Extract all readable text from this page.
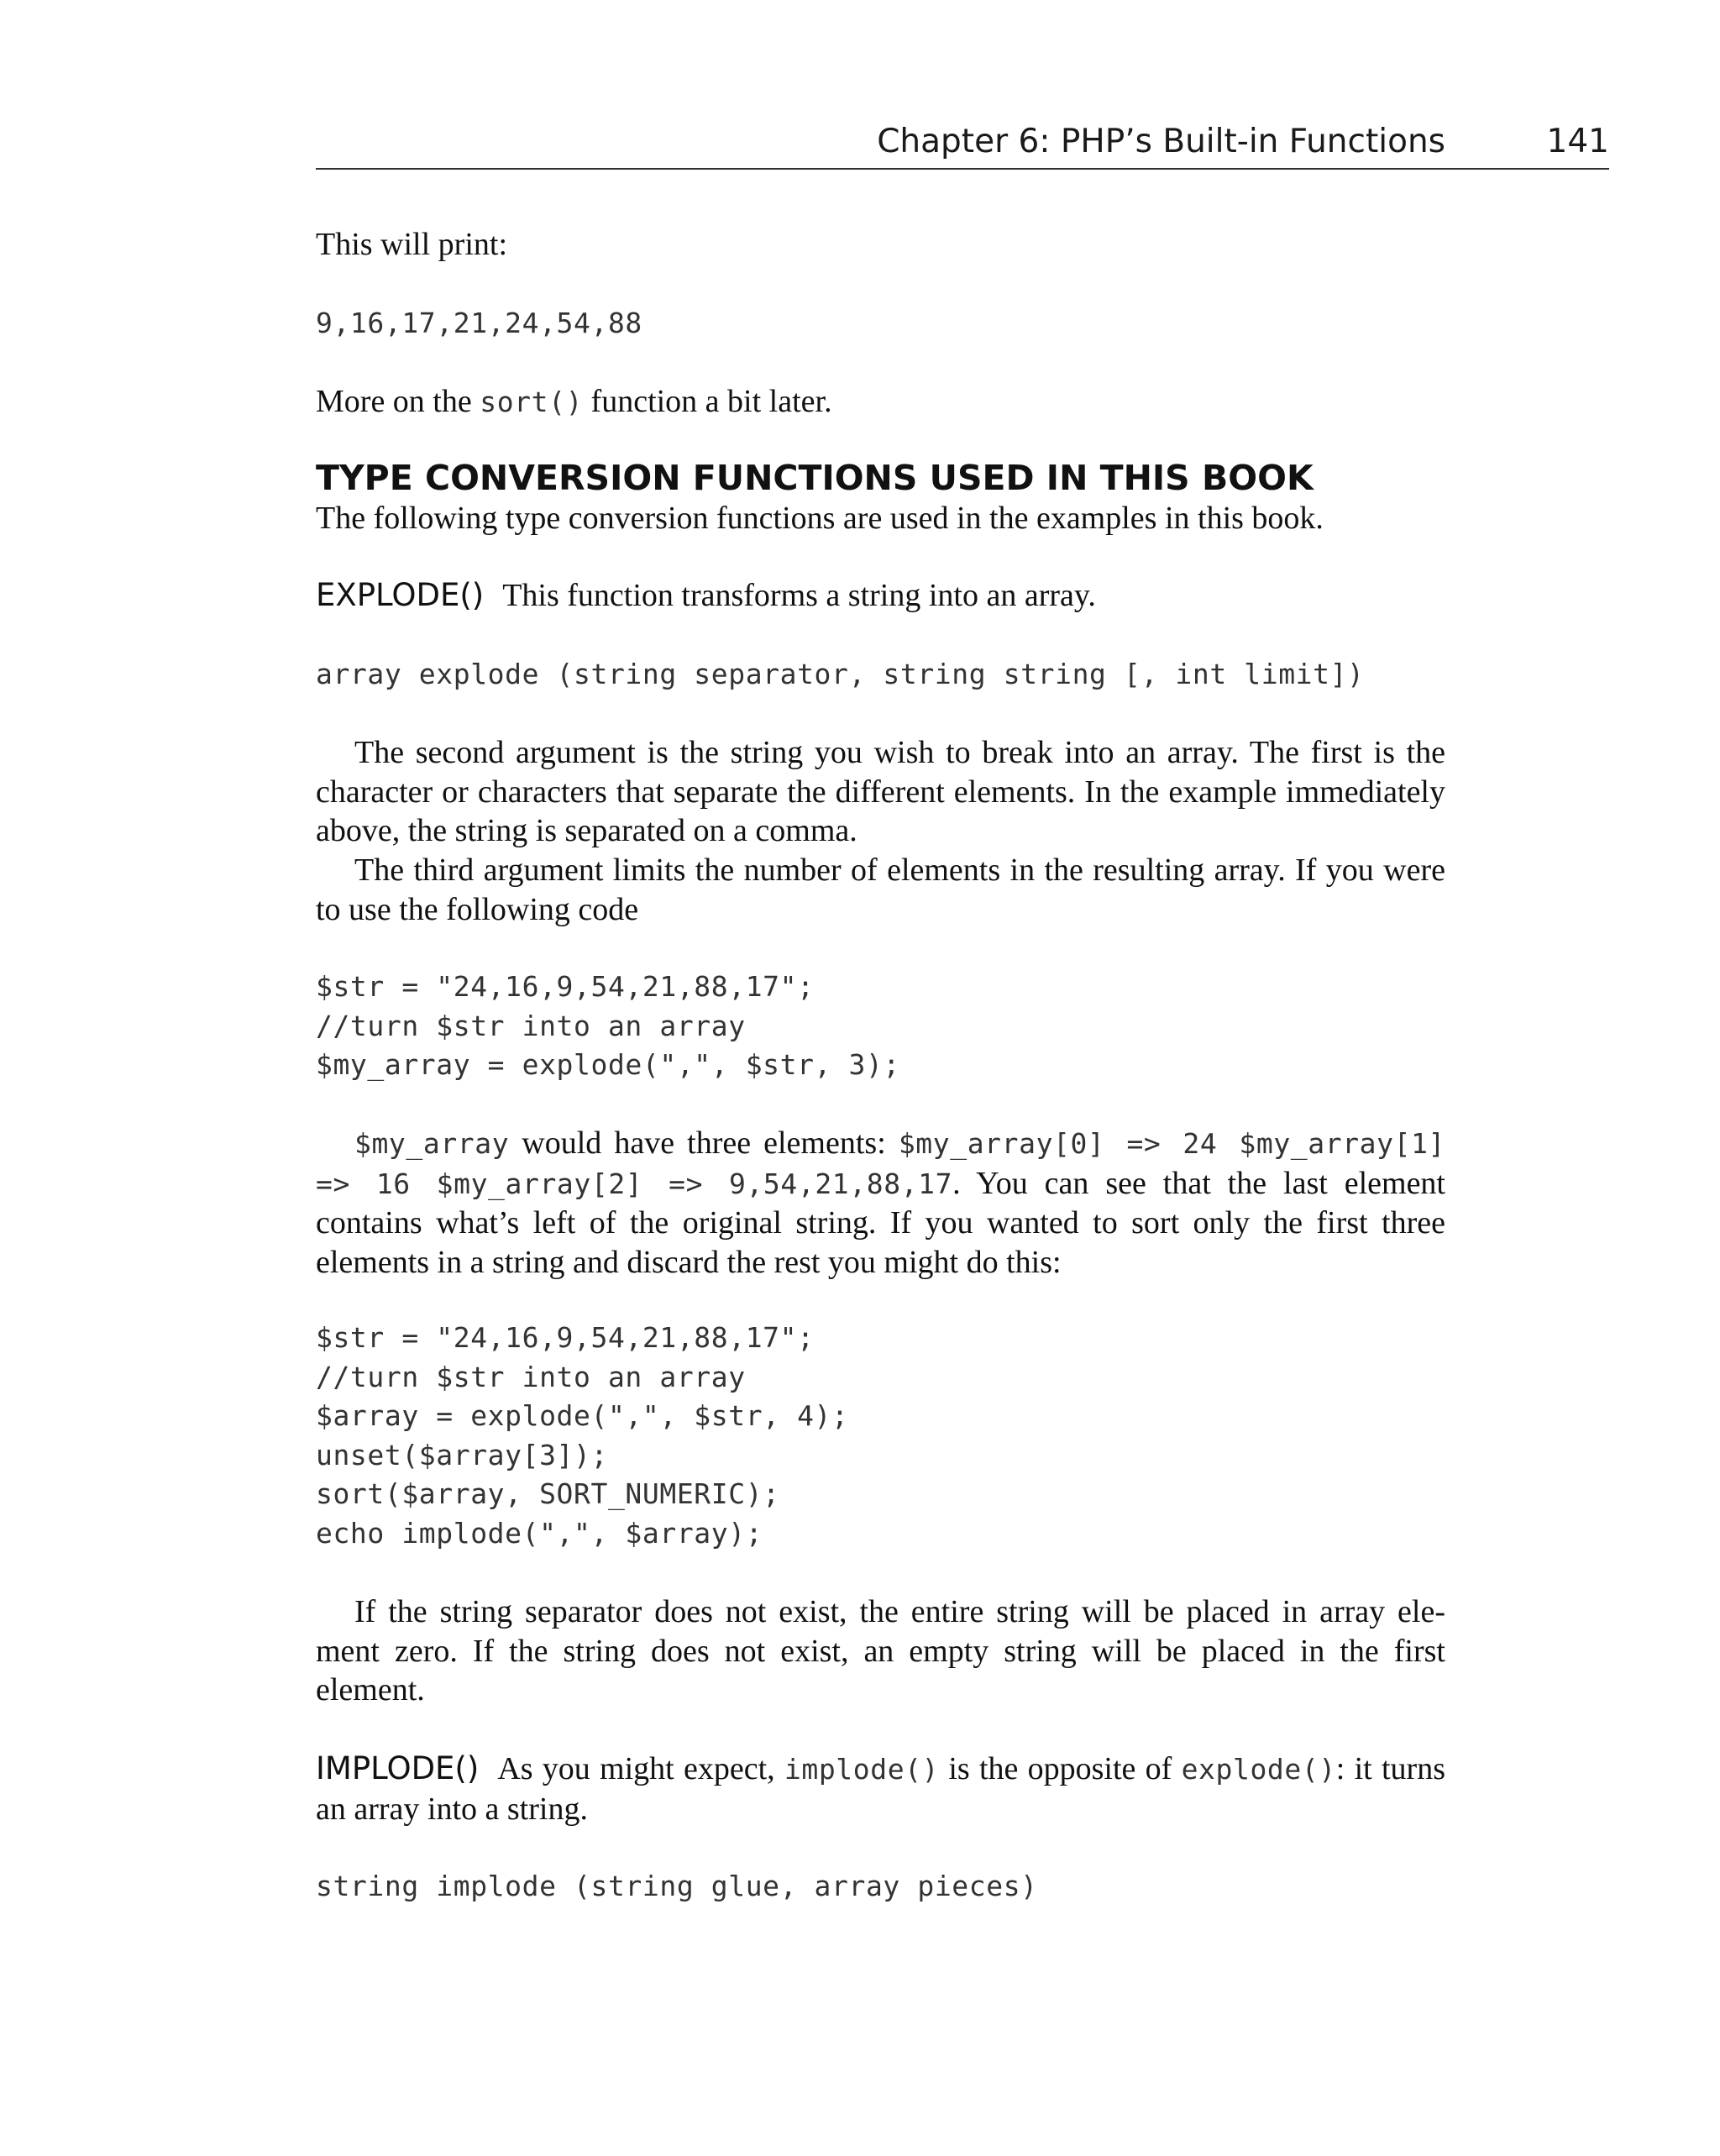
Chapter 6: PHP’s Built-in Functions	141

This will print:

9,16,17,21,24,54,88

More on the sort() function a bit later.

TYPE CONVERSION FUNCTIONS USED IN THIS BOOK

The following type conversion functions are used in the examples in this book.

EXPLODE() This function transforms a string into an array.

array explode (string separator, string string [, int limit])

The second argument is the string you wish to break into an array. The first is the character or characters that separate the different elements. In the example immediately above, the string is separated on a comma.

The third argument limits the number of elements in the resulting array. If you were to use the following code

$str = "24,16,9,54,21,88,17";
//turn $str into an array
$my_array = explode(",", $str, 3);

$my_array would have three elements: $my_array[0] => 24 $my_array[1] => 16 $my_array[2] => 9,54,21,88,17. You can see that the last element contains what’s left of the original string. If you wanted to sort only the first three elements in a string and discard the rest you might do this:

$str = "24,16,9,54,21,88,17";
//turn $str into an array
$array = explode(",", $str, 4);
unset($array[3]);
sort($array, SORT_NUMERIC);
echo implode(",", $array);

If the string separator does not exist, the entire string will be placed in array ele- ment zero. If the string does not exist, an empty string will be placed in the first element.

IMPLODE() As you might expect, implode() is the opposite of explode(): it turns an array into a string.

string implode (string glue, array pieces)
